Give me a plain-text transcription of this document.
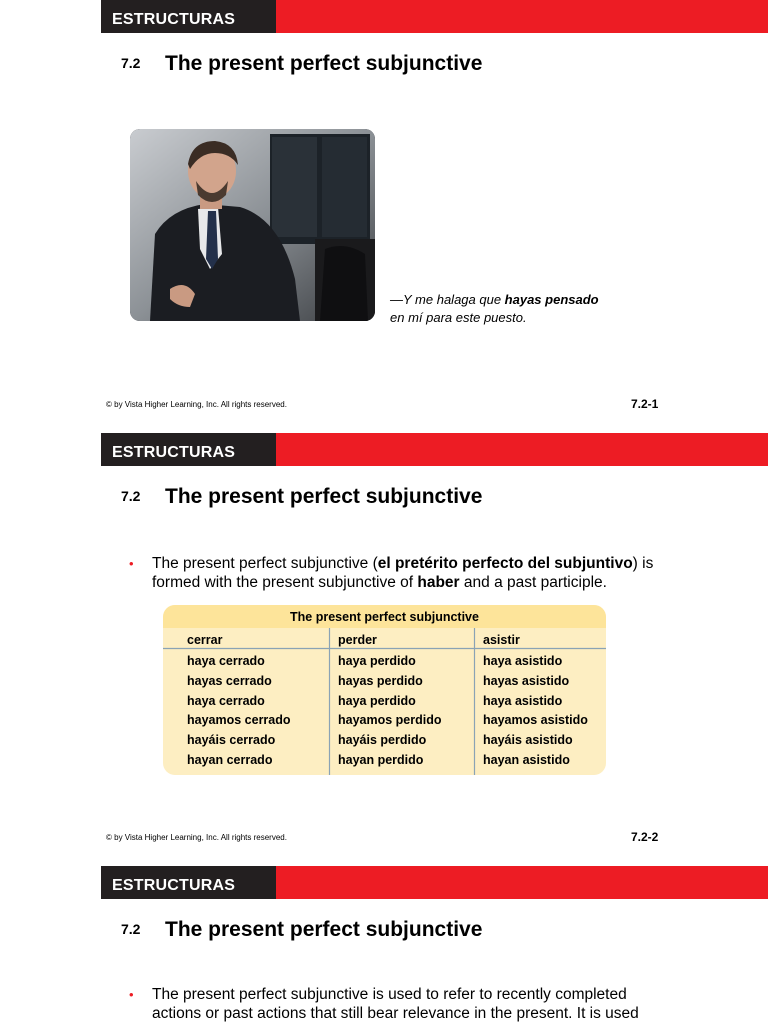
ESTRUCTURAS
7.2 The present perfect subjunctive
—Y me halaga que hayas pensado
en mí para este puesto.
© by Vista Higher Learning, Inc. All rights reserved.	7.2-1
ESTRUCTURAS
7.2 The present perfect subjunctive
• The present perfect subjunctive (el pretérito perfecto del subjuntivo) is formed with the present subjunctive of haber and a past participle.
The present perfect subjunctive
cerrar	perder	asistir
haya cerrado	haya perdido	haya asistido
hayas cerrado	hayas perdido	hayas asistido
haya cerrado	haya perdido	haya asistido
hayamos cerrado	hayamos perdido	hayamos asistido
hayáis cerrado	hayáis perdido	hayáis asistido
hayan cerrado	hayan perdido	hayan asistido
© by Vista Higher Learning, Inc. All rights reserved.	7.2-2
ESTRUCTURAS
7.2 The present perfect subjunctive
• The present perfect subjunctive is used to refer to recently completed actions or past actions that still bear relevance in the present. It is used
